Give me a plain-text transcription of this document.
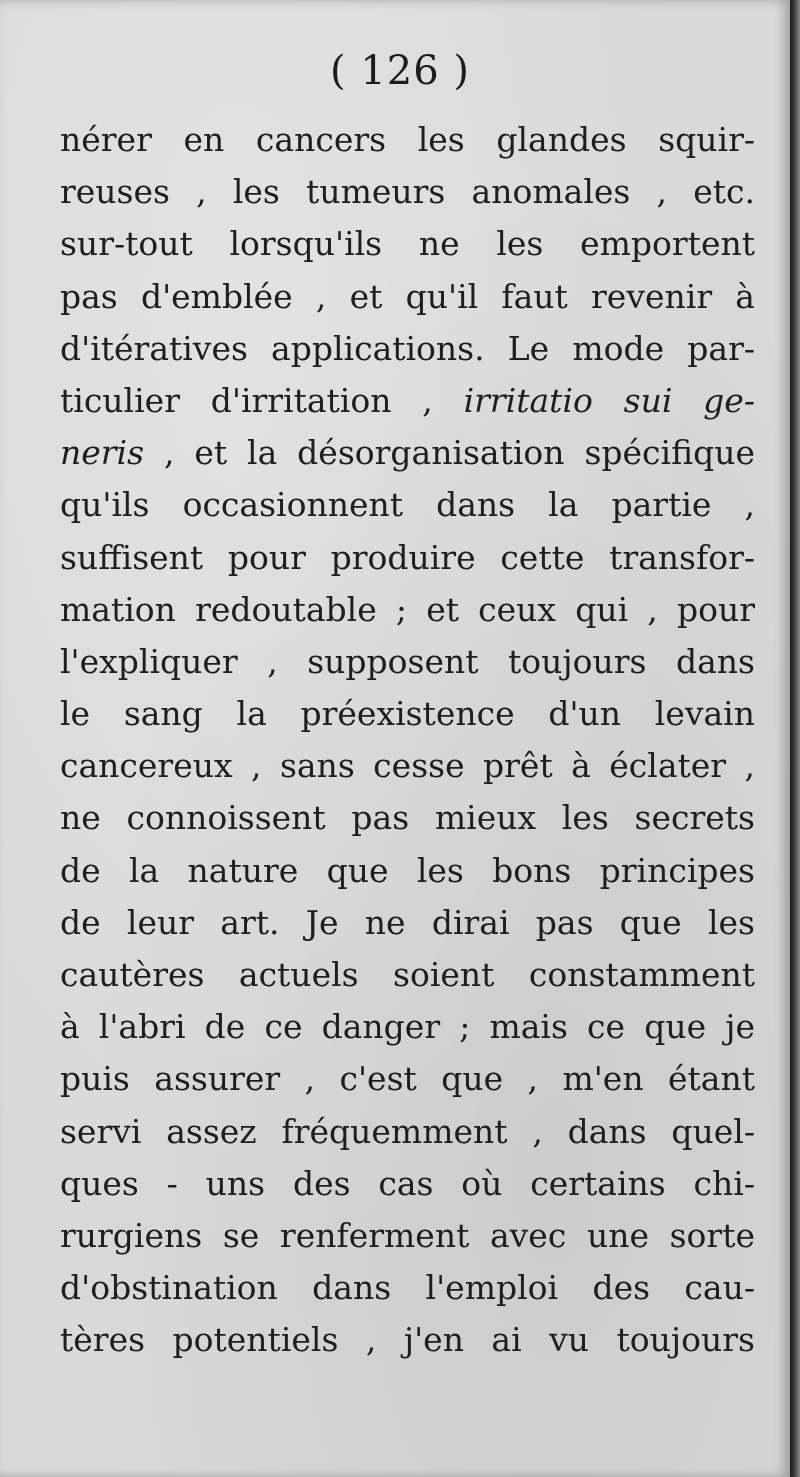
( 126 )
nérer en cancers les glandes squir-
reuses , les tumeurs anomales , etc.
sur-tout lorsqu'ils ne les emportent
pas d'emblée , et qu'il faut revenir à
d'itératives applications. Le mode par-
ticulier d'irritation , irritatio sui ge-
neris , et la désorganisation spécifique
qu'ils occasionnent dans la partie ,
suffisent pour produire cette transfor-
mation redoutable ; et ceux qui , pour
l'expliquer , supposent toujours dans
le sang la préexistence d'un levain
cancereux , sans cesse prêt à éclater ,
ne connoissent pas mieux les secrets
de la nature que les bons principes
de leur art. Je ne dirai pas que les
cautères actuels soient constamment
à l'abri de ce danger ; mais ce que je
puis assurer , c'est que , m'en étant
servi assez fréquemment , dans quel-
ques - uns des cas où certains chi-
rurgiens se renferment avec une sorte
d'obstination dans l'emploi des cau-
tères potentiels , j'en ai vu toujours
